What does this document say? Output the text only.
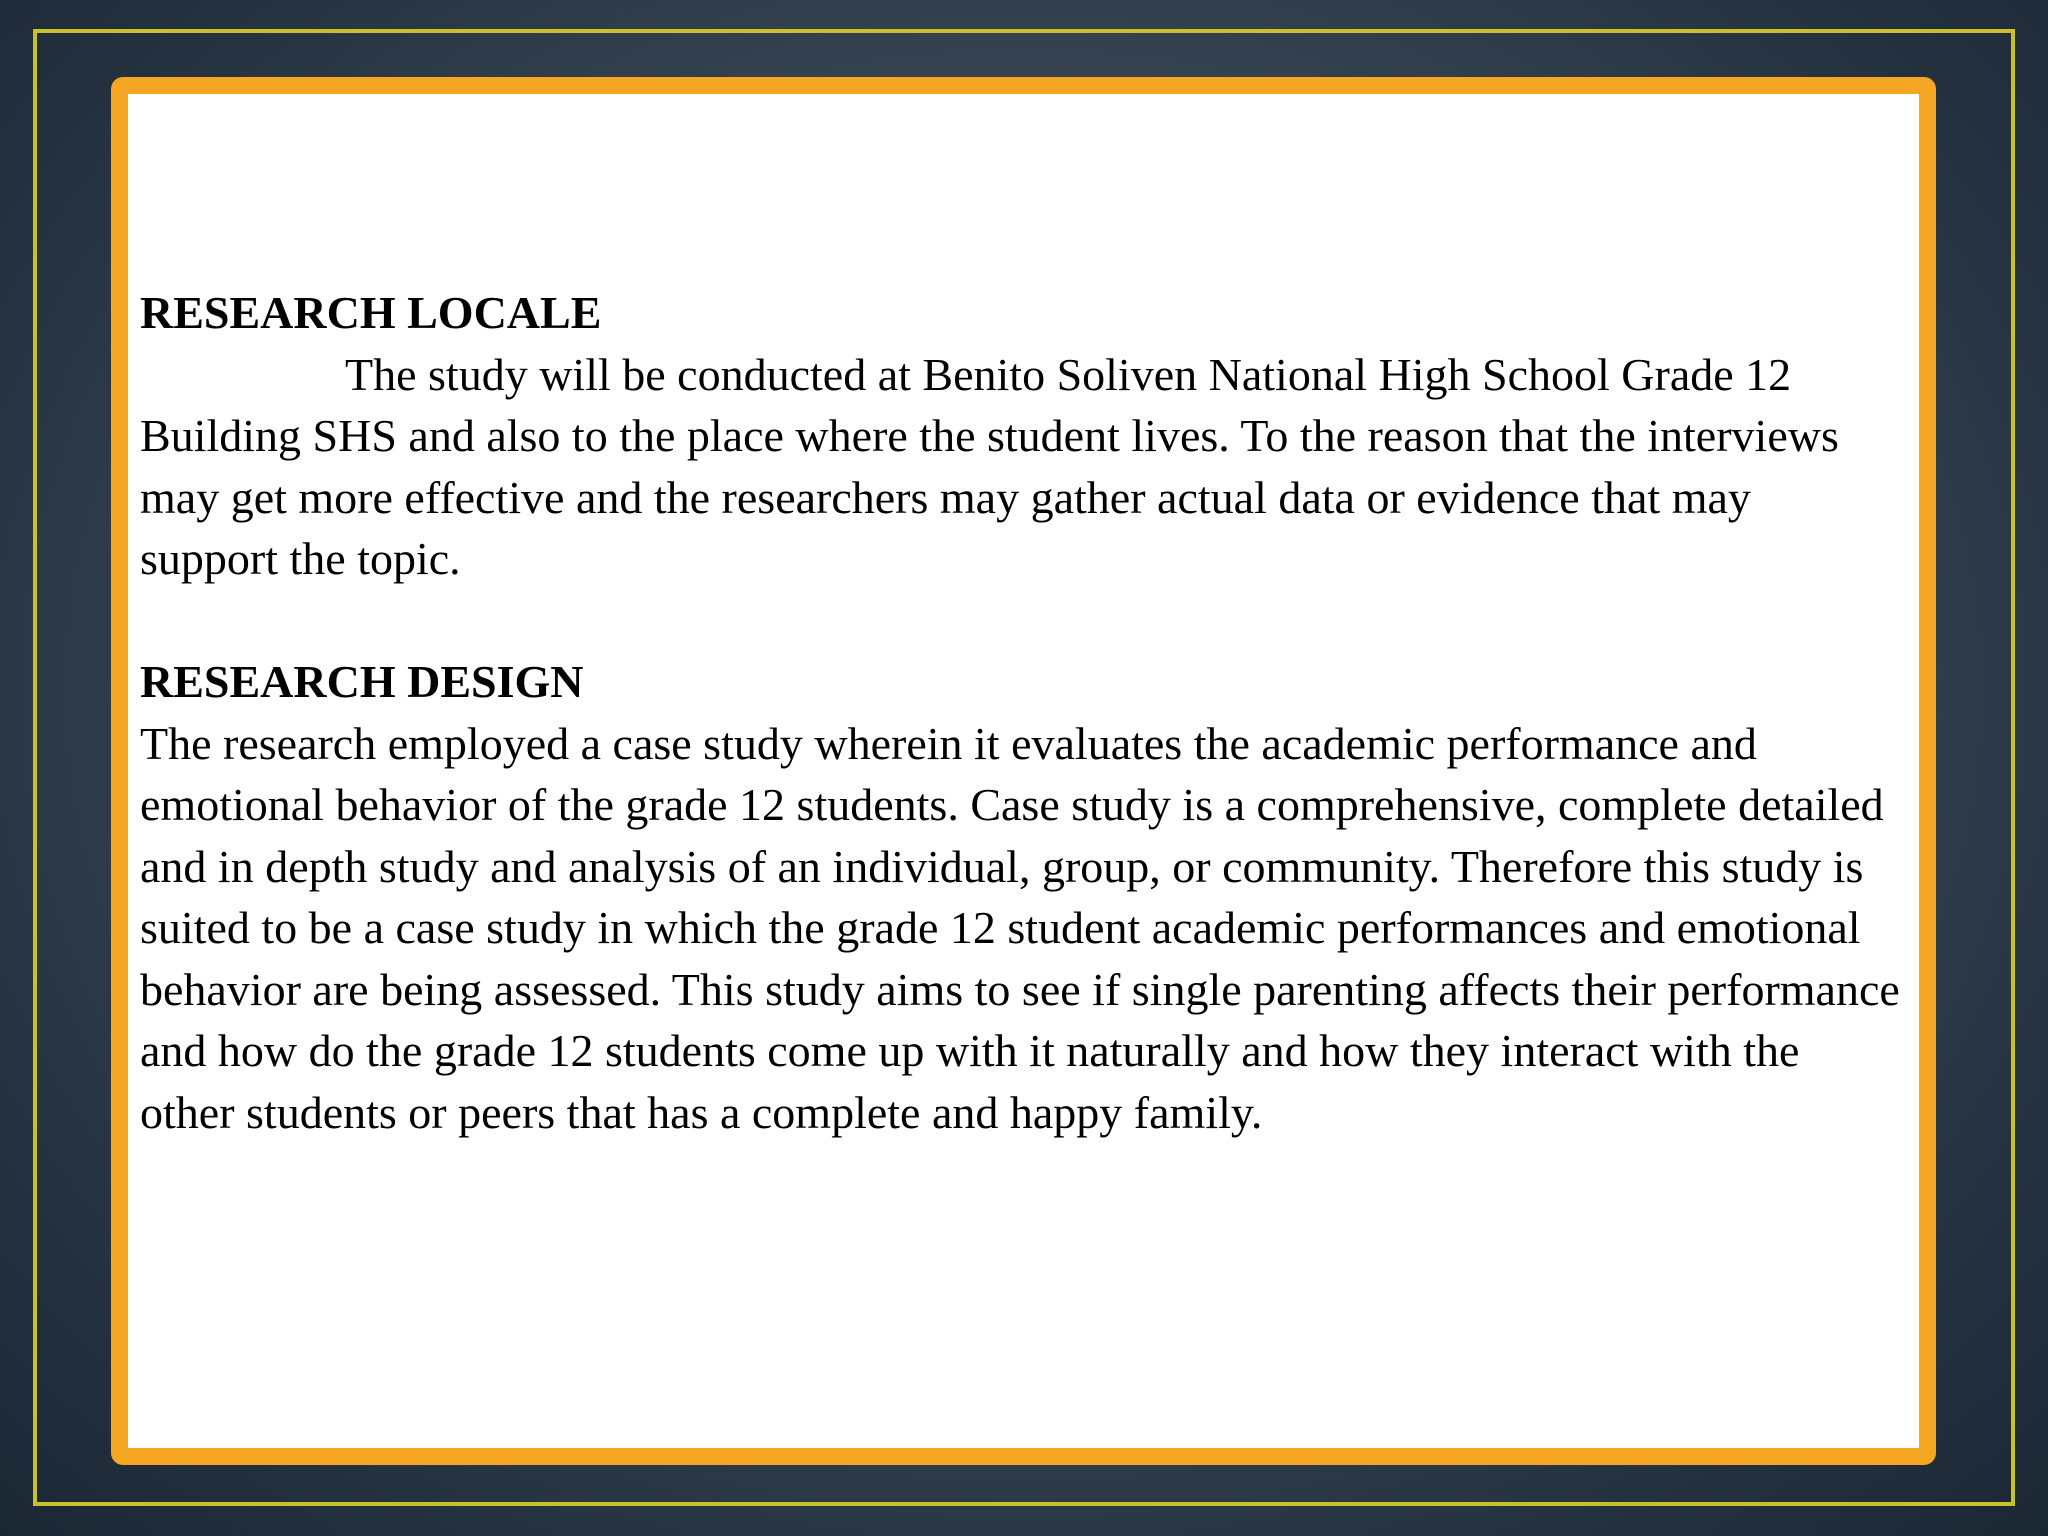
RESEARCH LOCALE

The study will be conducted at Benito Soliven National High School Grade 12 Building SHS and also to the place where the student lives. To the reason that the interviews may get more effective and the researchers may gather actual data or evidence that may support the topic.

RESEARCH DESIGN

The research employed a case study wherein it evaluates the academic performance and emotional behavior of the grade 12 students. Case study is a comprehensive, complete detailed and in depth study and analysis of an individual, group, or community. Therefore this study is suited to be a case study in which the grade 12 student academic performances and emotional behavior are being assessed. This study aims to see if single parenting affects their performance and how do the grade 12 students come up with it naturally and how they interact with the other students or peers that has a complete and happy family.
